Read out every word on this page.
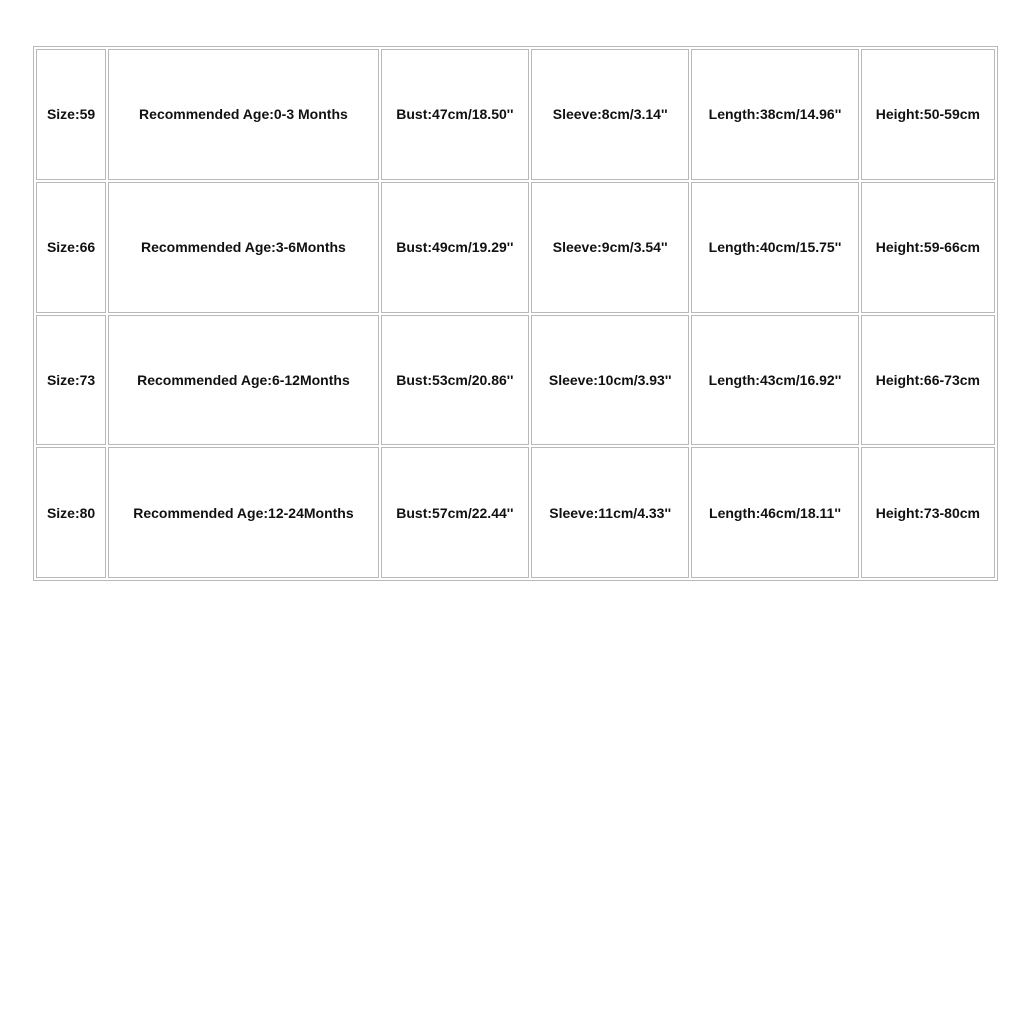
Size:59	Recommended Age:0-3 Months	Bust:47cm/18.50''	Sleeve:8cm/3.14''	Length:38cm/14.96''	Height:50-59cm
Size:66	Recommended Age:3-6Months	Bust:49cm/19.29''	Sleeve:9cm/3.54''	Length:40cm/15.75''	Height:59-66cm
Size:73	Recommended Age:6-12Months	Bust:53cm/20.86''	Sleeve:10cm/3.93''	Length:43cm/16.92''	Height:66-73cm
Size:80	Recommended Age:12-24Months	Bust:57cm/22.44''	Sleeve:11cm/4.33''	Length:46cm/18.11''	Height:73-80cm
